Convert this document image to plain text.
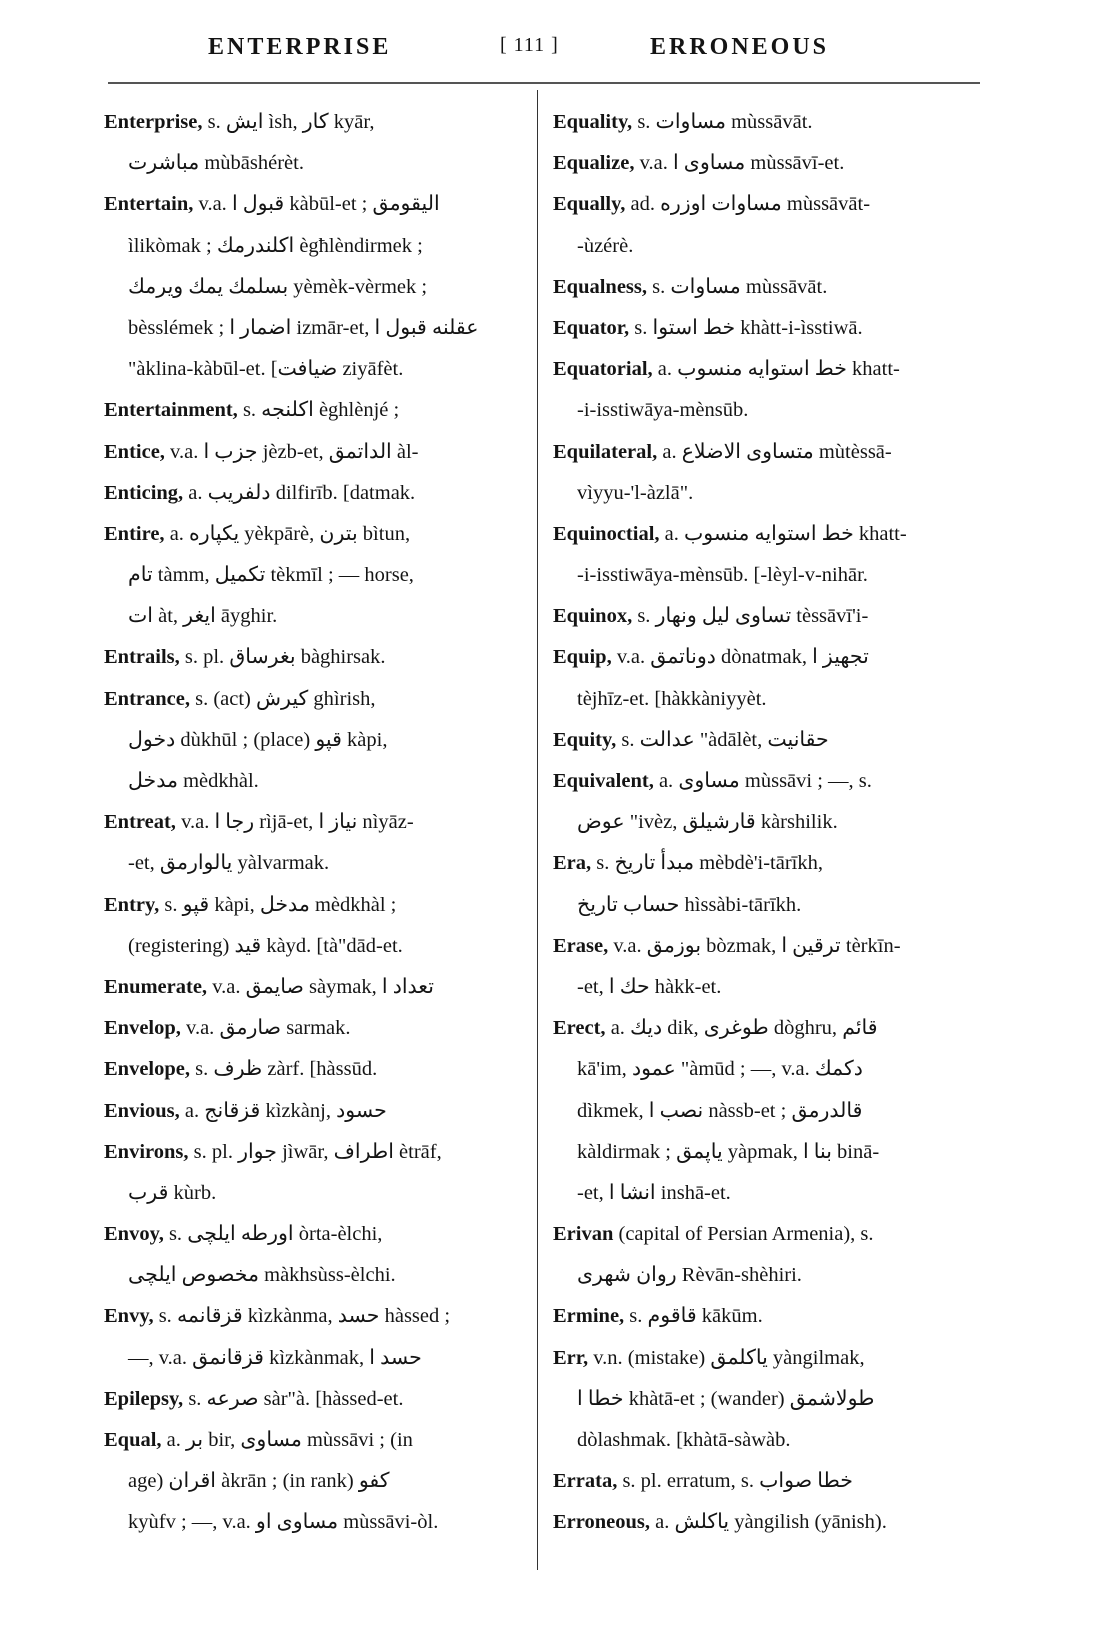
ENTERPRISE	[ 111 ]	ERRONEOUS
Enterprise, s. ایش ìsh, کار kyār,
مباشرت mùbāshérèt.
Entertain, v.a. قبول ا kàbūl-et ; الیقومق
ìlikòmak ; اکلندرمك ègħlèndirmek ;
بسلمك یمك ویرمك yèmèk-vèrmek ;
bèsslémek ; اضمار ا izmār-et, عقلنه قبول ا
"àklina-kàbūl-et. [ضیافت ziyāfèt.
Entertainment, s. اکلنجه èghlènjé ;
Entice, v.a. جزب ا jèzb-et, الداتمق àl-
Enticing, a. دلفریب dilfirīb. [datmak.
Entire, a. یکپاره yèkpārè, بترن bìtun,
تام tàmm, تکمیل tèkmīl ; — horse,
ات àt, ایغر āyghir.
Entrails, s. pl. بغرساق bàghirsak.
Entrance, s. (act) کیرش ghìrish,
دخول dùkhūl ; (place) قپو kàpi,
مدخل mèdkhàl.
Entreat, v.a. رجا ا rìjā-et, نیاز ا nìyāz-
-et, یالوارمق yàlvarmak.
Entry, s. قپو kàpi, مدخل mèdkhàl ;
(registering) قید kàyd. [tà"dād-et.
Enumerate, v.a. صایمق sàymak, تعداد ا
Envelop, v.a. صارمق sarmak.
Envelope, s. ظرف zàrf. [hàssūd.
Envious, a. قزقانج kìzkànj, حسود
Environs, s. pl. جوار jìwār, اطراف ètrāf,
قرب kùrb.
Envoy, s. اورطه ایلچی òrta-èlchi,
مخصوص ایلچی màkhsùss-èlchi.
Envy, s. قزقانمه kìzkànma, حسد hàssed ;
—, v.a. قزقانمق kìzkànmak, حسد ا
Epilepsy, s. صرعه sàr"à. [hàssed-et.
Equal, a. بر bir, مساوی mùssāvi ; (in
age) اقران àkrān ; (in rank) کفو
kyùfv ; —, v.a. مساوی او mùssāvi-òl.
Equality, s. مساوات mùssāvāt.
Equalize, v.a. مساوی ا mùssāvī-et.
Equally, ad. مساوات اوزره mùssāvāt-
-ùzérè.
Equalness, s. مساوات mùssāvāt.
Equator, s. خط استوا khàtt-i-ìsstiwā.
Equatorial, a. خط استوایه منسوب khatt-
-i-isstiwāya-mènsūb.
Equilateral, a. متساوی الاضلاع mùtèssā-
vìyyu-'l-àzlā".
Equinoctial, a. خط استوایه منسوب khatt-
-i-isstiwāya-mènsūb. [-lèyl-v-nihār.
Equinox, s. تساوی لیل ونهار tèssāvī'i-
Equip, v.a. دوناتمق dònatmak, تجهیز ا
tèjhīz-et. [hàkkàniyyèt.
Equity, s. عدالت "àdālèt, حقانیت
Equivalent, a. مساوی mùssāvi ; —, s.
عوض "ivèz, قارشیلق kàrshilik.
Era, s. مبدأ تاریخ mèbdè'i-tārīkh,
حساب تاریخ hìssàbi-tārīkh.
Erase, v.a. بوزمق bòzmak, ترقین ا tèrkīn-
-et, حك ا hàkk-et.
Erect, a. دیك dik, طوغری dòghru, قائم
kā'im, عمود "àmūd ; —, v.a. دکمك
dìkmek, نصب ا nàssb-et ; قالدرمق
kàldirmak ; یاپمق yàpmak, بنا ا binā-
-et, انشا ا inshā-et.
Erivan (capital of Persian Armenia), s.
روان شهری Rèvān-shèhiri.
Ermine, s. قاقوم kākūm.
Err, v.n. (mistake) یاکلمق yàngilmak,
خطا ا khàtā-et ; (wander) طولاشمق
dòlashmak. [khàtā-sàwàb.
Errata, s. pl. erratum, s. خطا صواب
Erroneous, a. یاکلش yàngilish (yānish).
